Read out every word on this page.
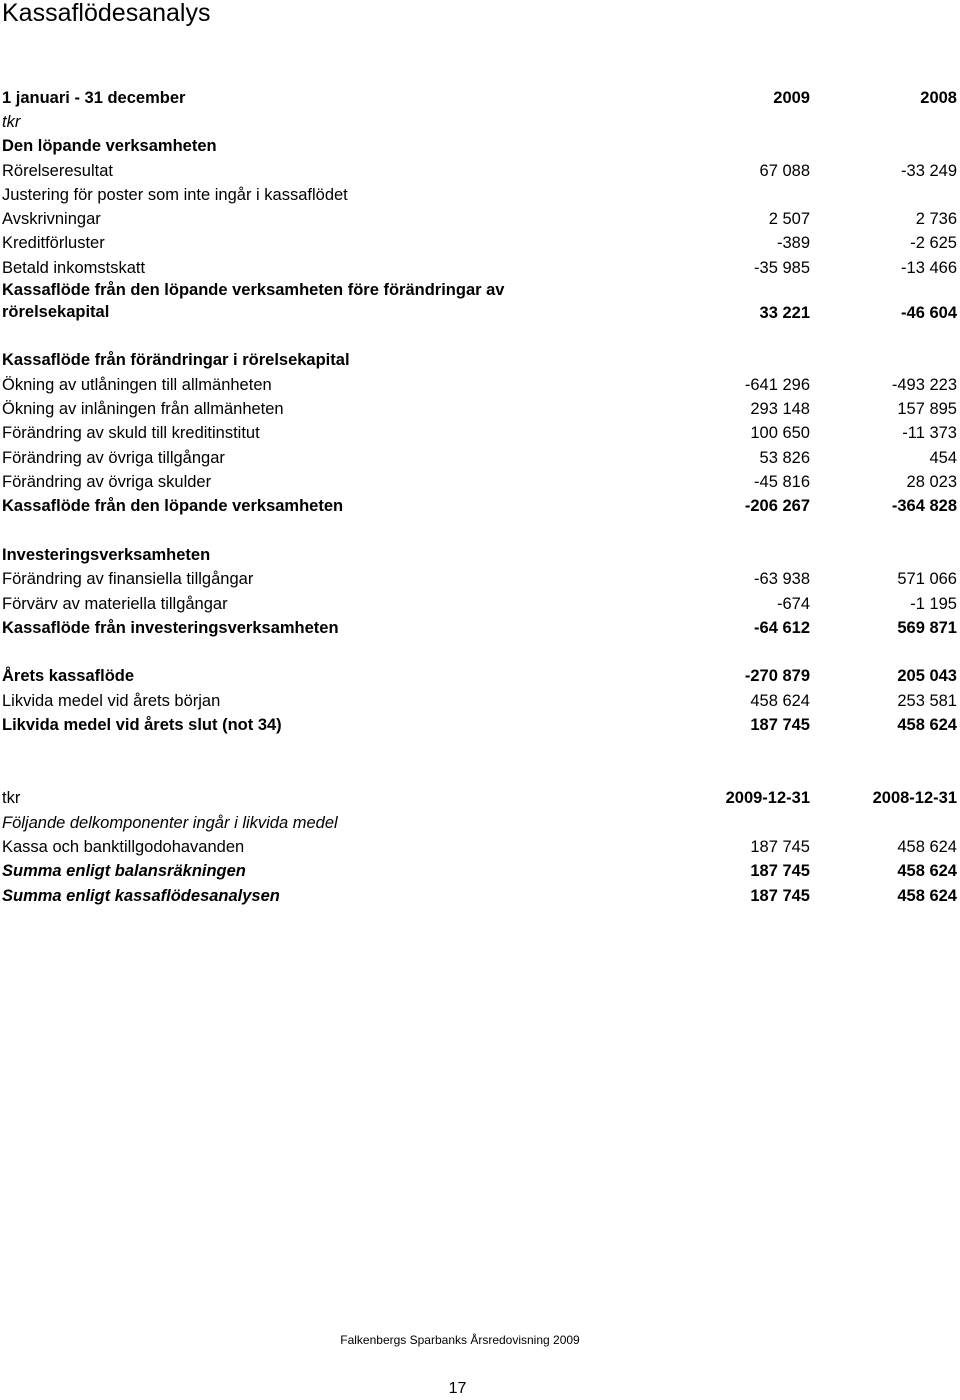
Kassaflödesanalys
1 januari - 31 december	2009	2008
tkr
Den löpande verksamheten
Rörelseresultat	67 088	-33 249
Justering för poster som inte ingår i kassaflödet
Avskrivningar	2 507	2 736
Kreditförluster	-389	-2 625
Betald inkomstskatt	-35 985	-13 466
Kassaflöde från den löpande verksamheten före förändringar av rörelsekapital	33 221	-46 604
Kassaflöde från förändringar i rörelsekapital
Ökning av utlåningen till allmänheten	-641 296	-493 223
Ökning av inlåningen från allmänheten	293 148	157 895
Förändring av skuld till kreditinstitut	100 650	-11 373
Förändring av övriga tillgångar	53 826	454
Förändring av övriga skulder	-45 816	28 023
Kassaflöde från den löpande verksamheten	-206 267	-364 828
Investeringsverksamheten
Förändring av finansiella tillgångar	-63 938	571 066
Förvärv av materiella tillgångar	-674	-1 195
Kassaflöde från investeringsverksamheten	-64 612	569 871
Årets kassaflöde	-270 879	205 043
Likvida medel vid årets början	458 624	253 581
Likvida medel vid årets slut (not 34)	187 745	458 624
tkr	2009-12-31	2008-12-31
Följande delkomponenter ingår i likvida medel
Kassa och banktillgodohavanden	187 745	458 624
Summa enligt balansräkningen	187 745	458 624
Summa enligt kassaflödesanalysen	187 745	458 624
Falkenbergs Sparbanks Årsredovisning 2009
17
